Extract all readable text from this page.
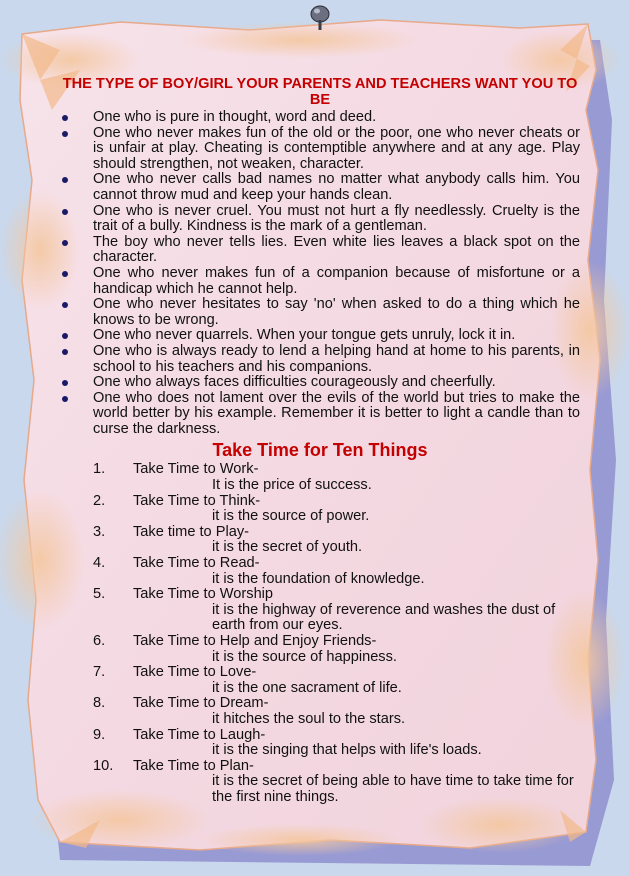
THE TYPE OF BOY/GIRL YOUR PARENTS AND TEACHERS WANT YOU TO BE
One who is pure in thought, word and deed.
One who never makes fun of the old or the poor, one who never cheats or is unfair at play. Cheating is contemptible anywhere and at any age. Play should strengthen, not weaken, character.
One who never calls bad names no matter what anybody calls him. You cannot throw mud and keep your hands clean.
One who is never cruel. You must not hurt a fly needlessly. Cruelty is the trait of a bully. Kindness is the mark of a gentleman.
The boy who never tells lies. Even white lies leaves a black spot on the character.
One who never makes fun of a companion because of misfortune or a handicap which he cannot help.
One who never hesitates to say 'no' when asked to do a thing which he knows to be wrong.
One who never quarrels. When your tongue gets unruly, lock it in.
One who is always ready to lend a helping hand at home to his parents, in school to his teachers and his companions.
One who always faces difficulties courageously and cheerfully.
One who does not lament over the evils of the world but tries to make the world better by his example. Remember it is better to light a candle than to curse the darkness.
Take Time for Ten Things
1. Take Time to Work-
It is the price of success.
2. Take Time to Think-
it is the source of power.
3. Take time to Play-
it is the secret of youth.
4. Take Time to Read-
it is the foundation of knowledge.
5. Take Time to Worship
it is the highway of reverence and washes the dust of earth from our eyes.
6. Take Time to Help and Enjoy Friends-
it is the source of happiness.
7. Take Time to Love-
it is the one sacrament of life.
8. Take Time to Dream-
it hitches the soul to the stars.
9. Take Time to Laugh-
it is the singing that helps with life's loads.
10. Take Time to Plan-
it is the secret of being able to have time to take time for the first nine things.
